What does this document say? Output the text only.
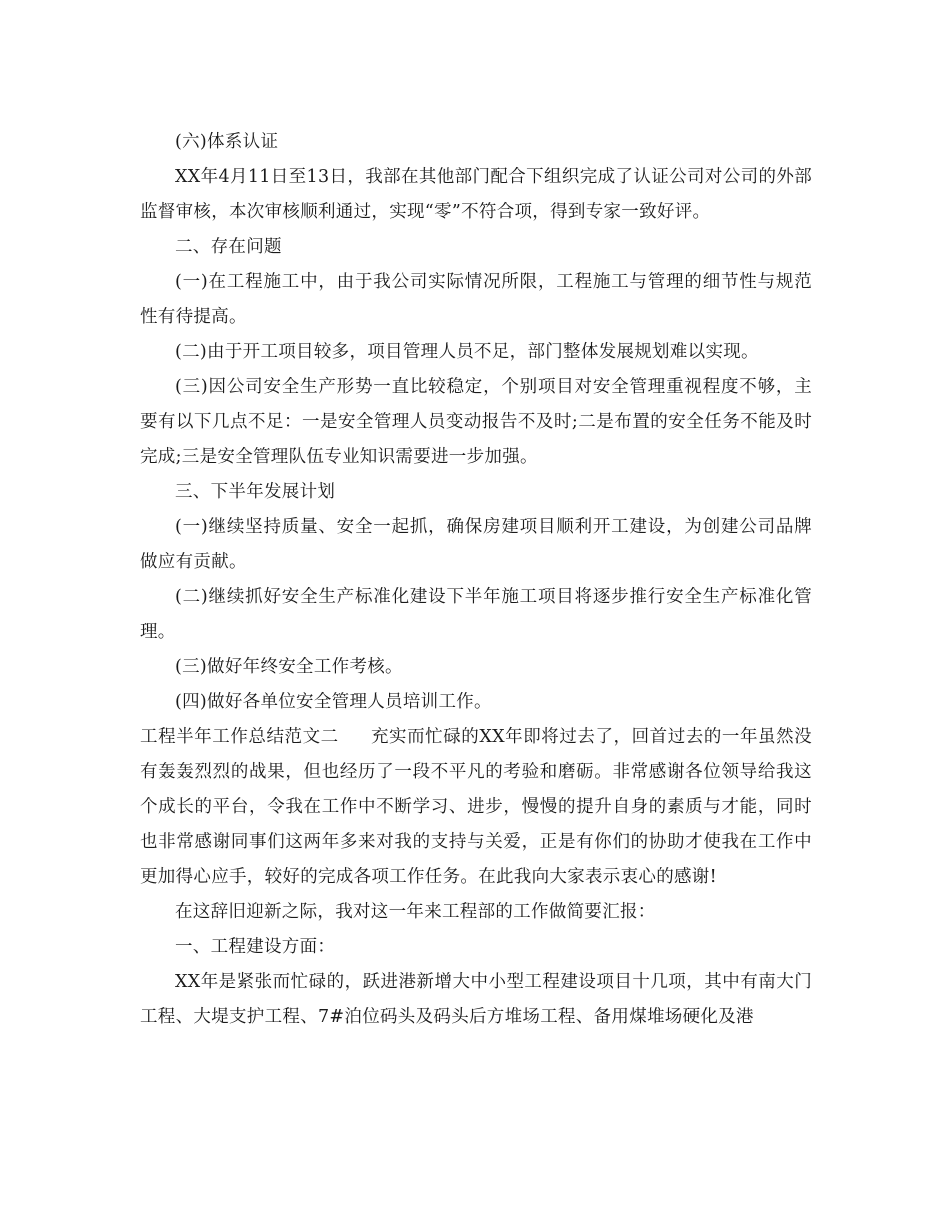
(六)体系认证

XX年4月11日至13日，我部在其他部门配合下组织完成了认证公司对公司的外部监督审核，本次审核顺利通过，实现“零”不符合项，得到专家一致好评。

二、存在问题

(一)在工程施工中，由于我公司实际情况所限，工程施工与管理的细节性与规范性有待提高。

(二)由于开工项目较多，项目管理人员不足，部门整体发展规划难以实现。

(三)因公司安全生产形势一直比较稳定，个别项目对安全管理重视程度不够，主要有以下几点不足：一是安全管理人员变动报告不及时;二是布置的安全任务不能及时完成;三是安全管理队伍专业知识需要进一步加强。

三、下半年发展计划

(一)继续坚持质量、安全一起抓，确保房建项目顺利开工建设，为创建公司品牌做应有贡献。

(二)继续抓好安全生产标准化建设下半年施工项目将逐步推行安全生产标准化管理。

(三)做好年终安全工作考核。

(四)做好各单位安全管理人员培训工作。

工程半年工作总结范文二 充实而忙碌的XX年即将过去了，回首过去的一年虽然没有轰轰烈烈的战果，但也经历了一段不平凡的考验和磨砺。非常感谢各位领导给我这个成长的平台，令我在工作中不断学习、进步，慢慢的提升自身的素质与才能，同时也非常感谢同事们这两年多来对我的支持与关爱，正是有你们的协助才使我在工作中更加得心应手，较好的完成各项工作任务。在此我向大家表示衷心的感谢!

在这辞旧迎新之际，我对这一年来工程部的工作做简要汇报：

一、工程建设方面：

XX年是紧张而忙碌的，跃进港新增大中小型工程建设项目十几项，其中有南大门工程、大堤支护工程、7#泊位码头及码头后方堆场工程、备用煤堆场硬化及港
